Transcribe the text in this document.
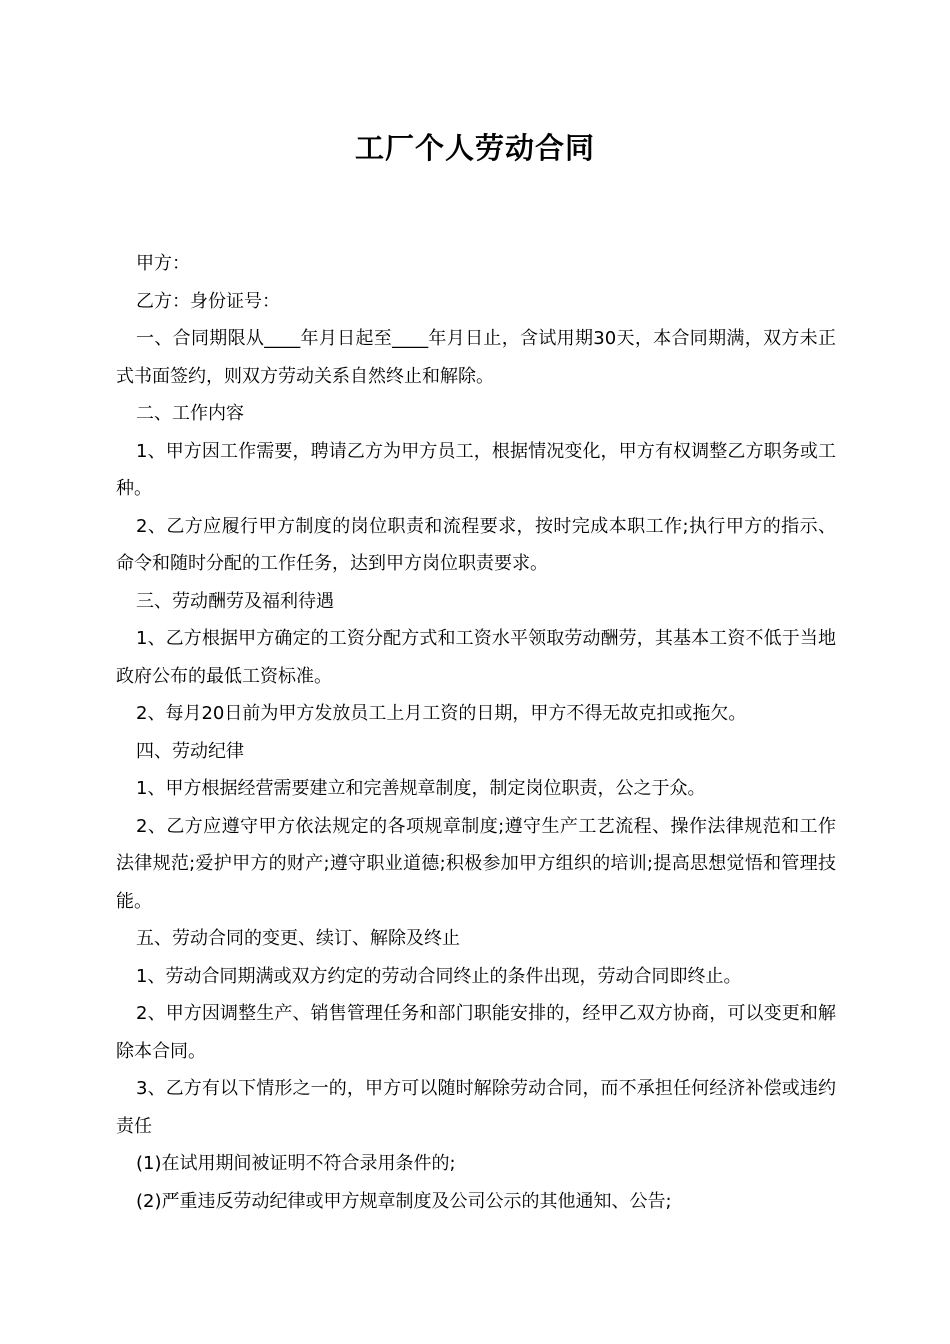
工厂个人劳动合同

甲方：

乙方：身份证号：

一、合同期限从____年月日起至____年月日止，含试用期30天，本合同期满，双方未正式书面签约，则双方劳动关系自然终止和解除。

二、工作内容

1、甲方因工作需要，聘请乙方为甲方员工，根据情况变化，甲方有权调整乙方职务或工种。

2、乙方应履行甲方制度的岗位职责和流程要求，按时完成本职工作;执行甲方的指示、命令和随时分配的工作任务，达到甲方岗位职责要求。

三、劳动酬劳及福利待遇

1、乙方根据甲方确定的工资分配方式和工资水平领取劳动酬劳，其基本工资不低于当地政府公布的最低工资标准。

2、每月20日前为甲方发放员工上月工资的日期，甲方不得无故克扣或拖欠。

四、劳动纪律

1、甲方根据经营需要建立和完善规章制度，制定岗位职责，公之于众。

2、乙方应遵守甲方依法规定的各项规章制度;遵守生产工艺流程、操作法律规范和工作法律规范;爱护甲方的财产;遵守职业道德;积极参加甲方组织的培训;提高思想觉悟和管理技能。

五、劳动合同的变更、续订、解除及终止

1、劳动合同期满或双方约定的劳动合同终止的条件出现，劳动合同即终止。

2、甲方因调整生产、销售管理任务和部门职能安排的，经甲乙双方协商，可以变更和解除本合同。

3、乙方有以下情形之一的，甲方可以随时解除劳动合同，而不承担任何经济补偿或违约责任

(1)在试用期间被证明不符合录用条件的;

(2)严重违反劳动纪律或甲方规章制度及公司公示的其他通知、公告;
